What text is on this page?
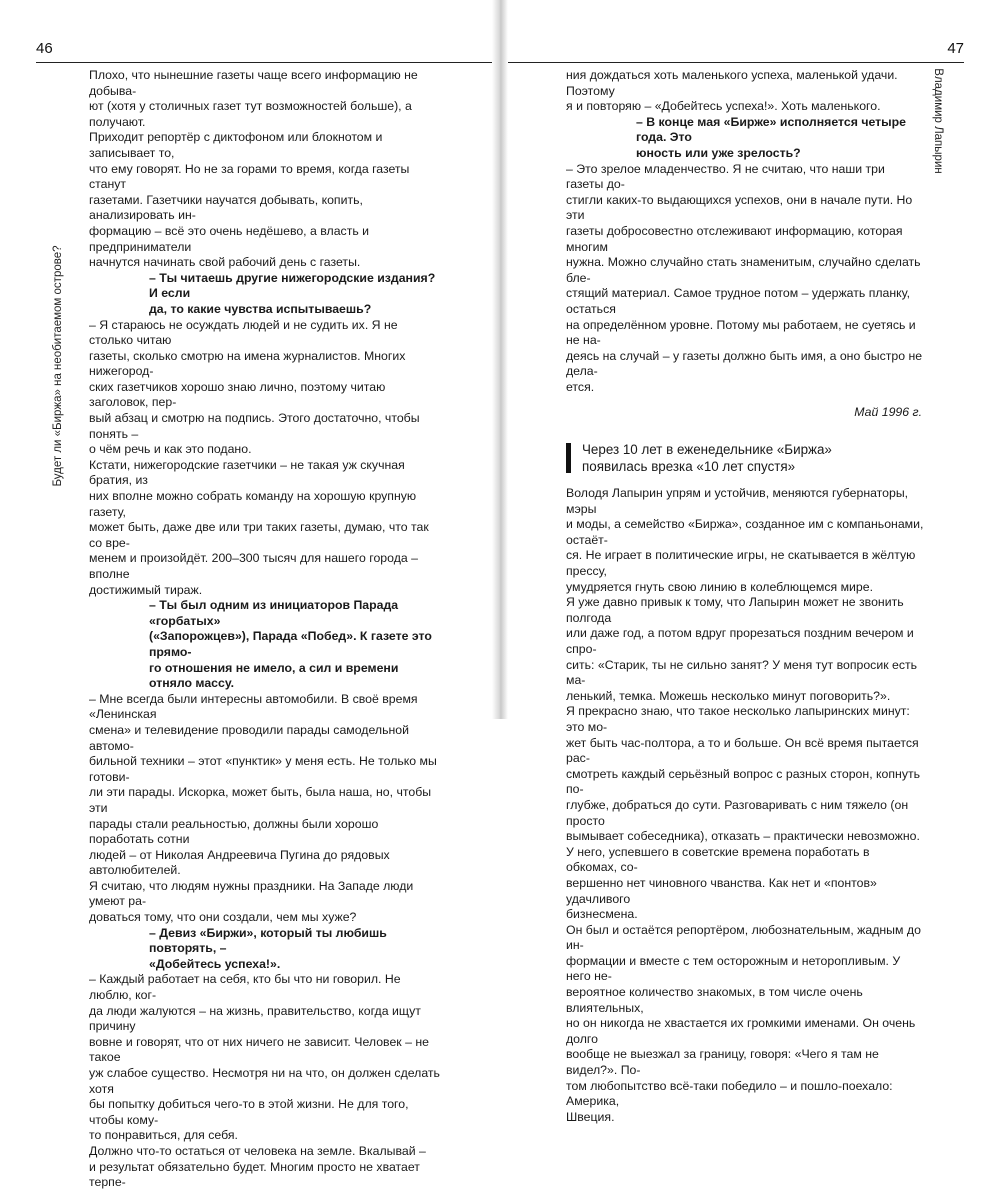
46
Будет ли «Биржа» на необитаемом острове?

Плохо, что нынешние газеты чаще всего информацию не добыва-
ют (хотя у столичных газет тут возможностей больше), а получают.
Приходит репортёр с диктофоном или блокнотом и записывает то,
что ему говорят. Но не за горами то время, когда газеты станут
газетами. Газетчики научатся добывать, копить, анализировать ин-
формацию – всё это очень недёшево, а власть и предприниматели
начнутся начинать свой рабочий день с газеты.

– Ты читаешь другие нижегородские издания? И если
да, то какие чувства испытываешь?

– Я стараюсь не осуждать людей и не судить их. Я не столько читаю
газеты, сколько смотрю на имена журналистов. Многих нижегород-
ских газетчиков хорошо знаю лично, поэтому читаю заголовок, пер-
вый абзац и смотрю на подпись. Этого достаточно, чтобы понять –
о чём речь и как это подано.
Кстати, нижегородские газетчики – не такая уж скучная братия, из
них вполне можно собрать команду на хорошую крупную газету,
может быть, даже две или три таких газеты, думаю, что так со вре-
менем и произойдёт. 200–300 тысяч для нашего города – вполне
достижимый тираж.

– Ты был одним из инициаторов Парада «горбатых»
(«Запорожцев»), Парада «Побед». К газете это прямо-
го отношения не имело, а сил и времени отняло массу.

– Мне всегда были интересны автомобили. В своё время «Ленинская
смена» и телевидение проводили парады самодельной автомо-
бильной техники – этот «пунктик» у меня есть. Не только мы готови-
ли эти парады. Искорка, может быть, была наша, но, чтобы эти
парады стали реальностью, должны были хорошо поработать сотни
людей – от Николая Андреевича Пугина до рядовых автолюбителей.
Я считаю, что людям нужны праздники. На Западе люди умеют ра-
доваться тому, что они создали, чем мы хуже?

– Девиз «Биржи», который ты любишь повторять, –
«Добейтесь успеха!».

– Каждый работает на себя, кто бы что ни говорил. Не люблю, ког-
да люди жалуются – на жизнь, правительство, когда ищут причину
вовне и говорят, что от них ничего не зависит. Человек – не такое
уж слабое существо. Несмотря ни на что, он должен сделать хотя
бы попытку добиться чего-то в этой жизни. Не для того, чтобы кому-
то понравиться, для себя.
Должно что-то остаться от человека на земле. Вкалывай –
и результат обязательно будет. Многим просто не хватает терпе-

47
Владимир Лапырин

ния дождаться хоть маленького успеха, маленькой удачи. Поэтому
я и повторяю – «Добейтесь успеха!». Хоть маленького.

– В конце мая «Бирже» исполняется четыре года. Это
юность или уже зрелость?

– Это зрелое младенчество. Я не считаю, что наши три газеты до-
стигли каких-то выдающихся успехов, они в начале пути. Но эти
газеты добросовестно отслеживают информацию, которая многим
нужна. Можно случайно стать знаменитым, случайно сделать бле-
стящий материал. Самое трудное потом – удержать планку, остаться
на определённом уровне. Потому мы работаем, не суетясь и не на-
деясь на случай – у газеты должно быть имя, а оно быстро не дела-
ется.

Май 1996 г.

Через 10 лет в еженедельнике «Биржа»
появилась врезка «10 лет спустя»

Володя Лапырин упрям и устойчив, меняются губернаторы, мэры
и моды, а семейство «Биржа», созданное им с компаньонами, остаёт-
ся. Не играет в политические игры, не скатывается в жёлтую прессу,
умудряется гнуть свою линию в колеблющемся мире.
Я уже давно привык к тому, что Лапырин может не звонить полгода
или даже год, а потом вдруг прорезаться поздним вечером и спро-
сить: «Старик, ты не сильно занят? У меня тут вопросик есть ма-
ленький, темка. Можешь несколько минут поговорить?».
Я прекрасно знаю, что такое несколько лапыринских минут: это мо-
жет быть час-полтора, а то и больше. Он всё время пытается рас-
смотреть каждый серьёзный вопрос с разных сторон, копнуть по-
глубже, добраться до сути. Разговаривать с ним тяжело (он просто
вымывает собеседника), отказать – практически невозможно.
У него, успевшего в советские времена поработать в обкомах, со-
вершенно нет чиновного чванства. Как нет и «понтов» удачливого
бизнесмена.
Он был и остаётся репортёром, любознательным, жадным до ин-
формации и вместе с тем осторожным и неторопливым. У него не-
вероятное количество знакомых, в том числе очень влиятельных,
но он никогда не хвастается их громкими именами. Он очень долго
вообще не выезжал за границу, говоря: «Чего я там не видел?». По-
том любопытство всё-таки победило – и пошло-поехало: Америка,
Швеция.
